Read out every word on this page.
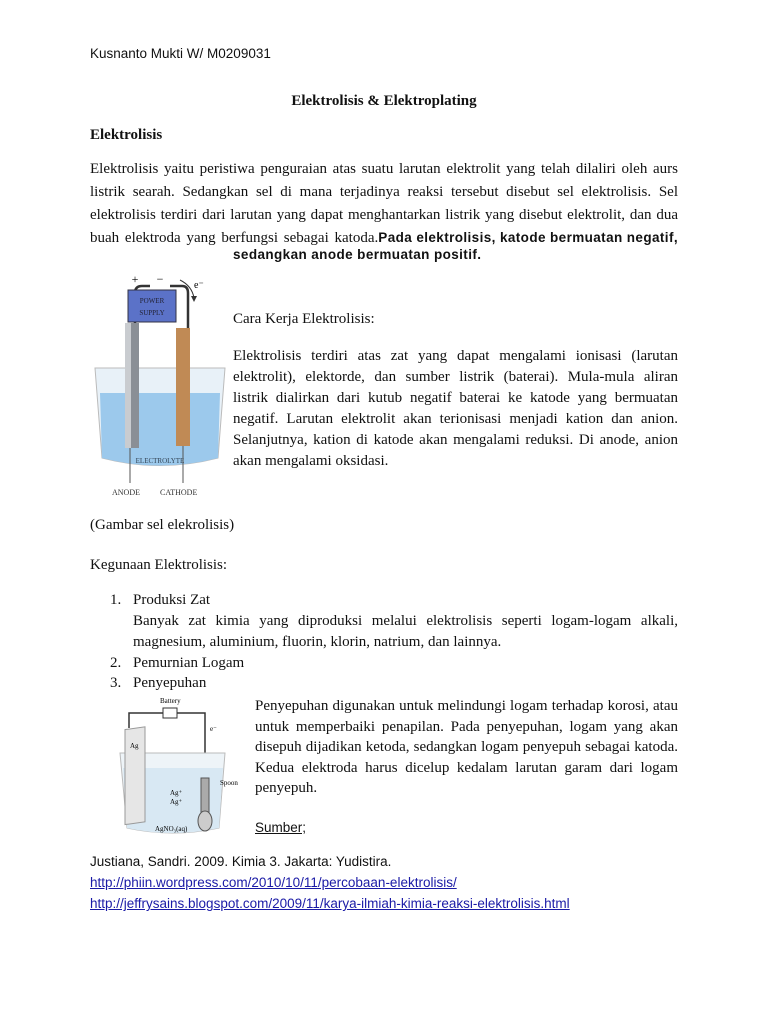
Kusnanto Mukti W/ M0209031
Elektrolisis & Elektroplating
Elektrolisis
Elektrolisis yaitu peristiwa penguraian atas suatu larutan elektrolit yang telah dilaliri oleh aurs
listrik searah. Sedangkan sel di mana terjadinya reaksi tersebut disebut sel elektrolisis. Sel
elektrolisis terdiri dari larutan yang dapat menghantarkan listrik yang disebut elektrolit, dan dua
buah elektroda yang berfungsi sebagai katoda. Pada elektrolisis, katode bermuatan negatif,
sedangkan anode bermuatan positif.
POWER
SUPPLY
+ −	e⁻
ELECTROLYTE
ANODE	CATHODE
Cara Kerja Elektrolisis:
Elektrolisis terdiri atas zat yang dapat mengalami ionisasi (larutan
elektrolit), elektorde, dan sumber listrik (baterai). Mula-mula aliran
listrik dialirkan dari kutub negatif baterai ke katode yang bermuatan
negatif. Larutan elektrolit akan terionisasi menjadi kation dan anion.
Selanjutnya, kation di katode akan mengalami reduksi. Di anode, anion
akan mengalami oksidasi.
(Gambar sel elekrolisis)
Kegunaan Elektrolisis:
1. Produksi Zat
Banyak zat kimia yang diproduksi melalui elektrolisis seperti logam-logam alkali,
magnesium, aluminium, fluorin, klorin, natrium, dan lainnya.
2. Pemurnian Logam
3. Penyepuhan
Battery
e⁻
Ag
Spoon
Ag⁺
Ag⁺
AgNO₃(aq)
Penyepuhan digunakan untuk melindungi logam terhadap korosi, atau
untuk memperbaiki penapilan. Pada penyepuhan, logam yang akan
disepuh dijadikan ketoda, sedangkan logam penyepuh sebagai katoda.
Kedua elektroda harus dicelup kedalam larutan garam dari logam
penyepuh.
Sumber;
Justiana, Sandri. 2009. Kimia 3. Jakarta: Yudistira.
http://phiin.wordpress.com/2010/10/11/percobaan-elektrolisis/
http://jeffrysains.blogspot.com/2009/11/karya-ilmiah-kimia-reaksi-elektrolisis.html
